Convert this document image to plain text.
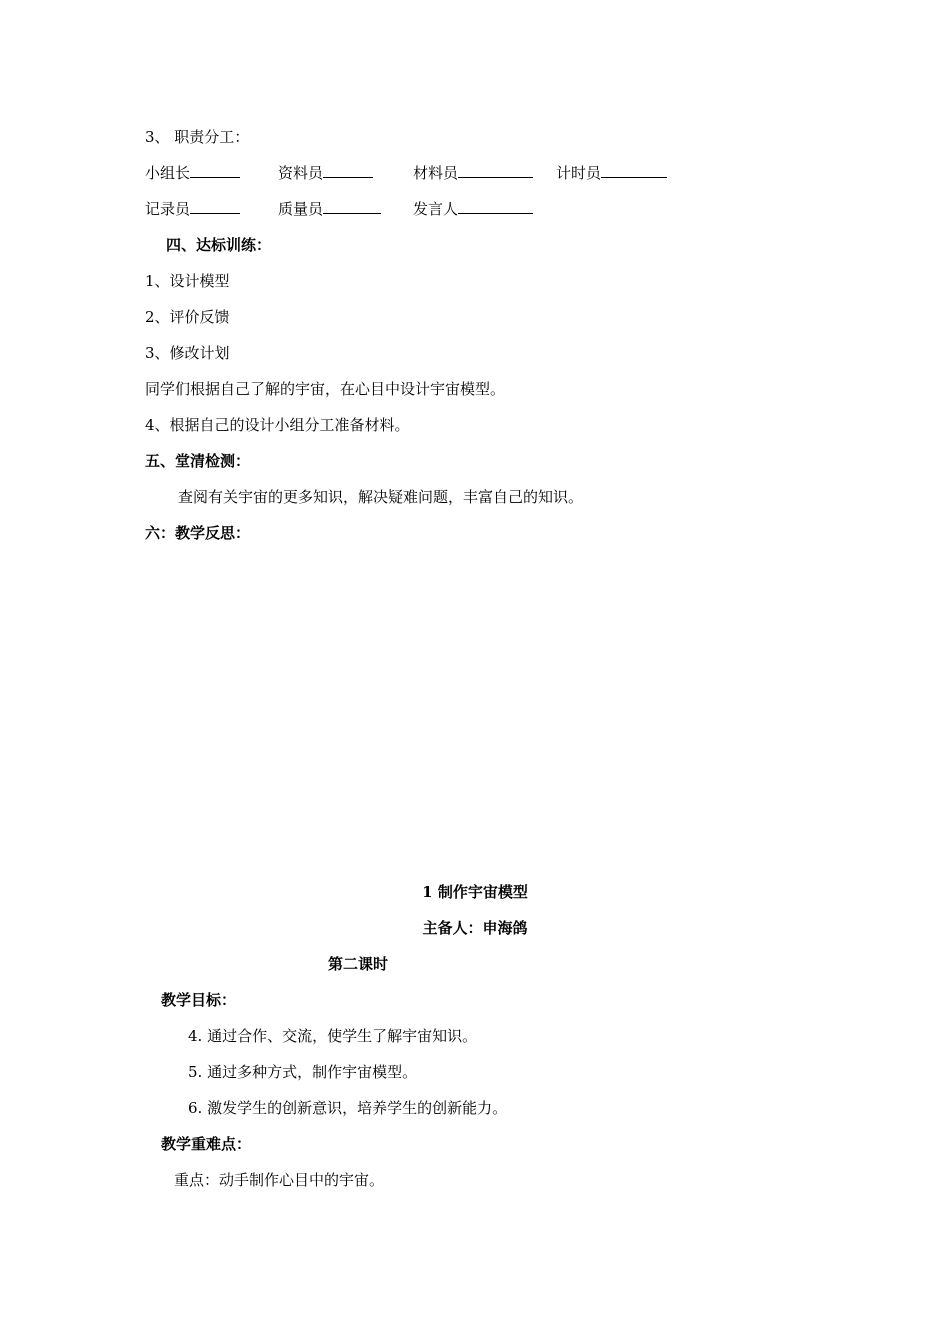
3、 职责分工：
小组长	资料员	材料员	计时员
记录员	质量员	发言人
四、达标训练：
1、设计模型
2、评价反馈
3、修改计划
同学们根据自己了解的宇宙，在心目中设计宇宙模型。
4、根据自己的设计小组分工准备材料。
五、堂清检测：
查阅有关宇宙的更多知识，解决疑难问题，丰富自己的知识。
六：教学反思：
1 制作宇宙模型
主备人：申海鸽
第二课时
教学目标：
4. 通过合作、交流，使学生了解宇宙知识。
5. 通过多种方式，制作宇宙模型。
6. 激发学生的创新意识，培养学生的创新能力。
教学重难点：
重点：动手制作心目中的宇宙。
